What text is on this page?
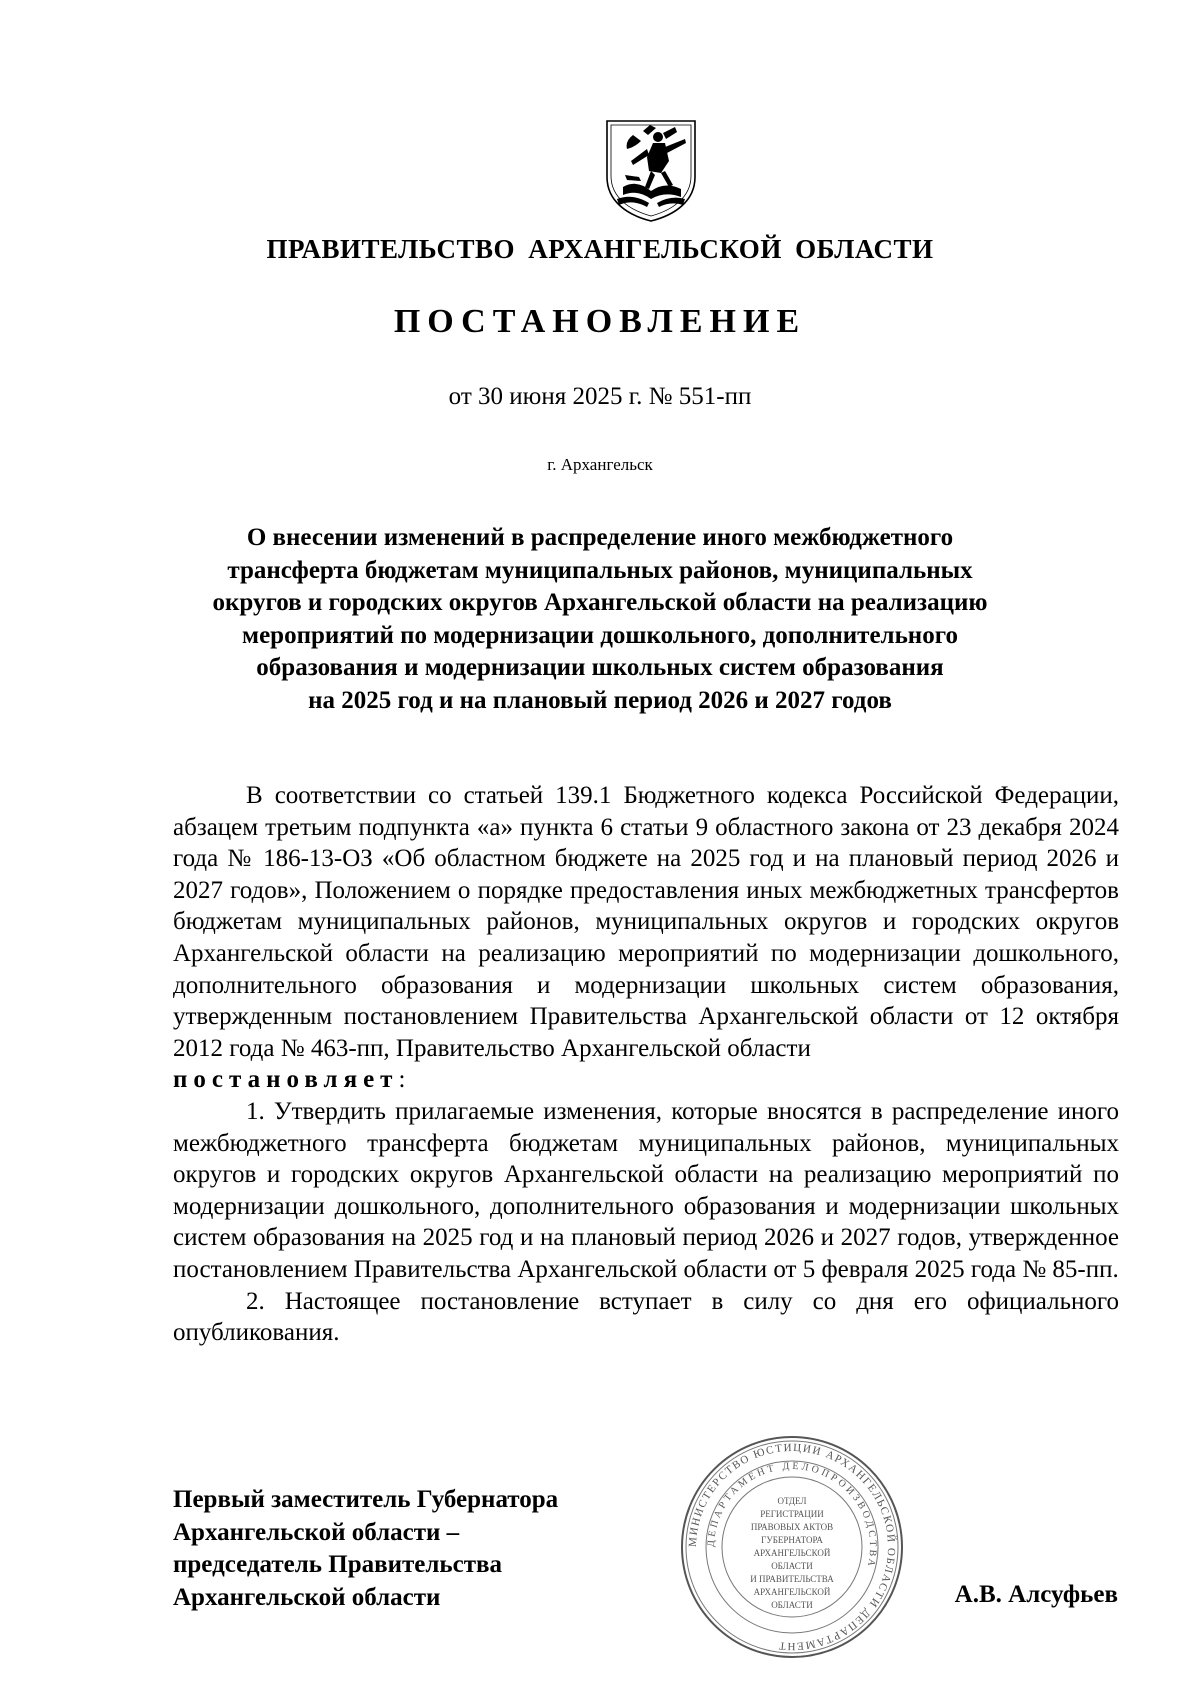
ПРАВИТЕЛЬСТВО АРХАНГЕЛЬСКОЙ ОБЛАСТИ
ПОСТАНОВЛЕНИЕ
от 30 июня 2025 г. № 551-пп
г. Архангельск
О внесении изменений в распределение иного межбюджетного
трансферта бюджетам муниципальных районов, муниципальных
округов и городских округов Архангельской области на реализацию
мероприятий по модернизации дошкольного, дополнительного
образования и модернизации школьных систем образования
на 2025 год и на плановый период 2026 и 2027 годов

В соответствии со статьей 139.1 Бюджетного кодекса Российской Федерации, абзацем третьим подпункта «а» пункта 6 статьи 9 областного закона от 23 декабря 2024 года № 186-13-ОЗ «Об областном бюджете на 2025 год и на плановый период 2026 и 2027 годов», Положением о порядке предоставления иных межбюджетных трансфертов бюджетам муниципальных районов, муниципальных округов и городских округов Архангельской области на реализацию мероприятий по модернизации дошкольного, дополнительного образования и модернизации школьных систем образования, утвержденным постановлением Правительства Архангельской области от 12 октября 2012 года № 463-пп, Правительство Архангельской области

постановляет:

1. Утвердить прилагаемые изменения, которые вносятся в распределение иного межбюджетного трансферта бюджетам муниципальных районов, муниципальных округов и городских округов Архангельской области на реализацию мероприятий по модернизации дошкольного, дополнительного образования и модернизации школьных систем образования на 2025 год и на плановый период 2026 и 2027 годов, утвержденное постановлением Правительства Архангельской области от 5 февраля 2025 года № 85-пп.

2. Настоящее постановление вступает в силу со дня его официального опубликования.

Первый заместитель Губернатора
Архангельской области –
председатель Правительства
Архангельской области	А.В. Алсуфьев
МИНИСТЕРСТВО ЮСТИЦИИ АРХАНГЕЛЬСКОЙ ОБЛАСТИ ДЕПАРТАМЕНТ
ДЕПАРТАМЕНТ ДЕЛОПРОИЗВОДСТВА
ОТДЕЛ
РЕГИСТРАЦИИ
ПРАВОВЫХ АКТОВ
ГУБЕРНАТОРА
АРХАНГЕЛЬСКОЙ
ОБЛАСТИ
И ПРАВИТЕЛЬСТВА
АРХАНГЕЛЬСКОЙ
ОБЛАСТИ
